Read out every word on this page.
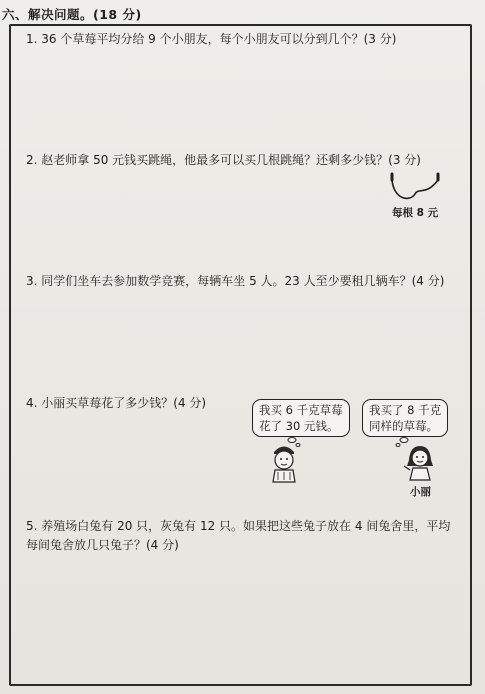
六、解决问题。(18 分)
1. 36 个草莓平均分给 9 个小朋友，每个小朋友可以分到几个？(3 分)
2. 赵老师拿 50 元钱买跳绳，他最多可以买几根跳绳？还剩多少钱？(3 分)
每根 8 元
3. 同学们坐车去参加数学竞赛，每辆车坐 5 人。23 人至少要租几辆车？(4 分)
4. 小丽买草莓花了多少钱？(4 分)	我买 6 千克草莓
花了 30 元钱。
我买了 8 千克
同样的草莓。
小丽
5. 养殖场白兔有 20 只，灰兔有 12 只。如果把这些兔子放在 4 间兔舍里，平均
每间兔舍放几只兔子？(4 分)
